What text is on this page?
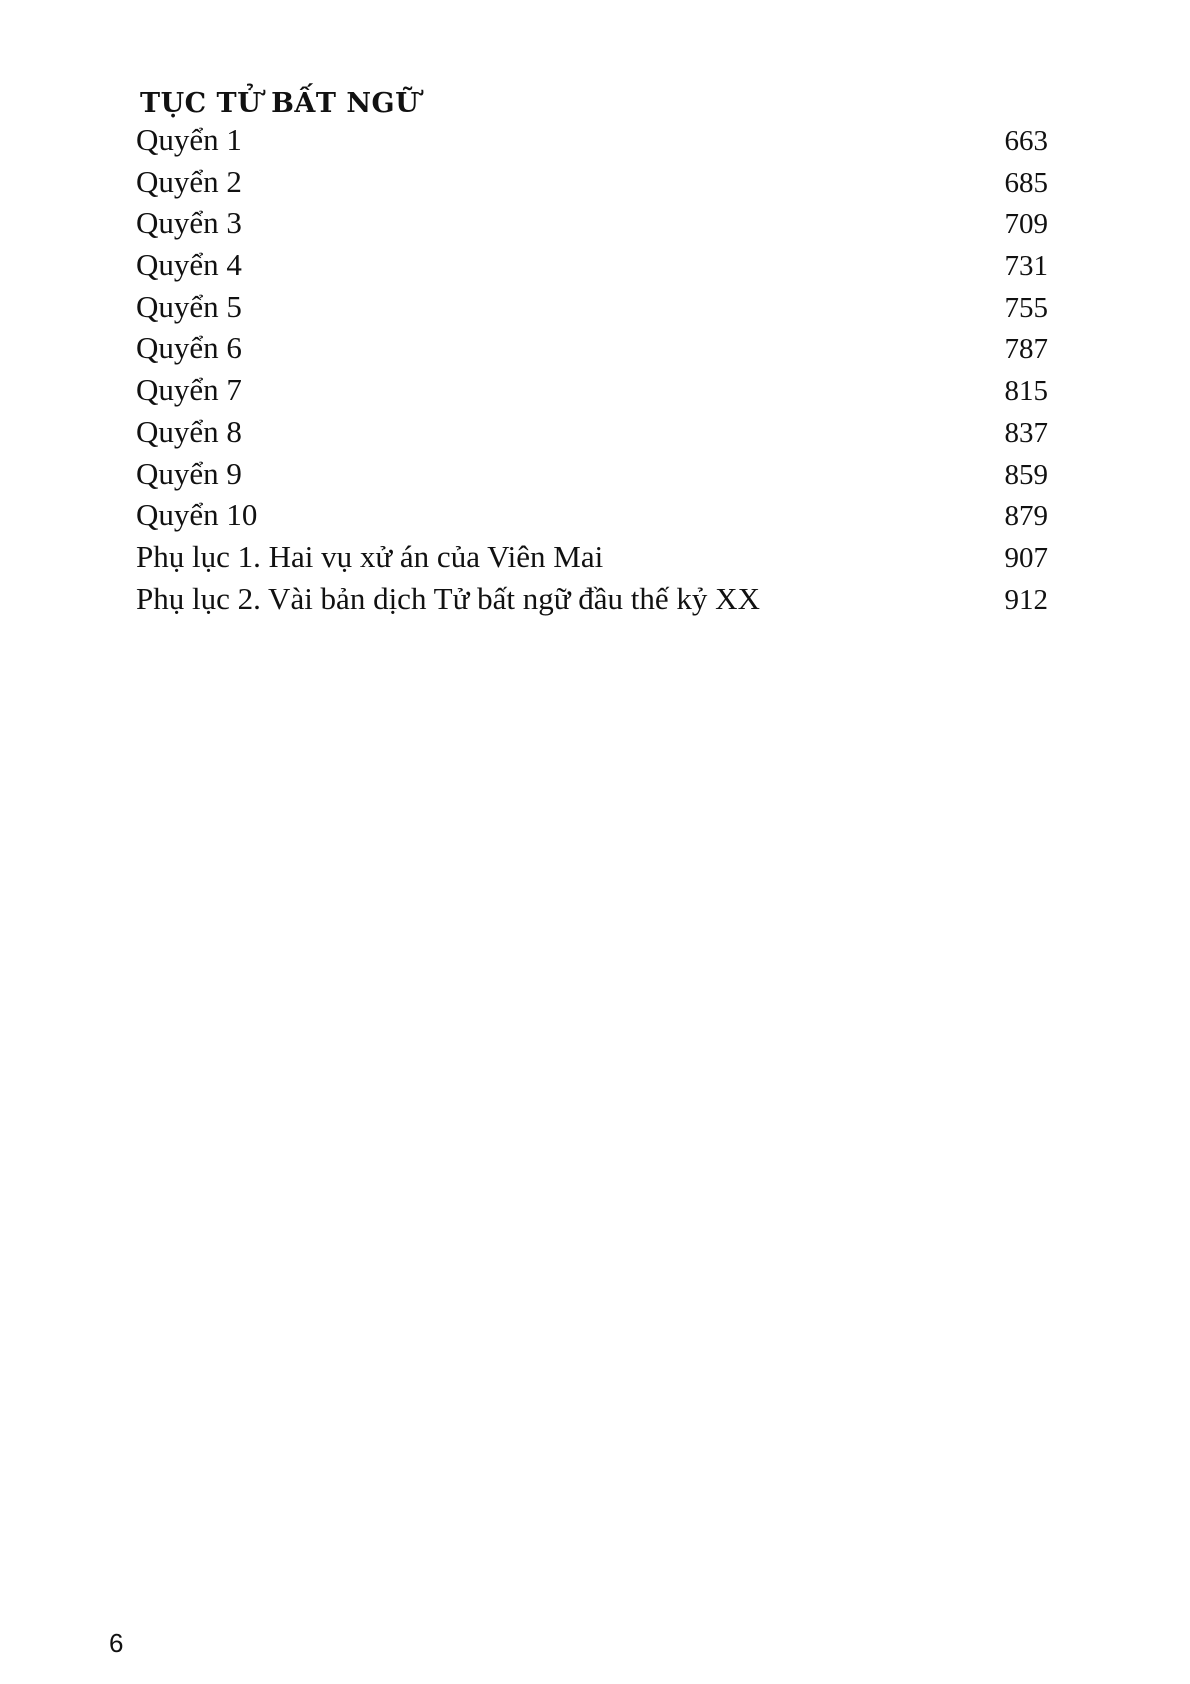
TỤC TỬ BẤT NGỮ
Quyển 1	663
Quyển 2	685
Quyển 3	709
Quyển 4	731
Quyển 5	755
Quyển 6	787
Quyển 7	815
Quyển 8	837
Quyển 9	859
Quyển 10	879
Phụ lục 1. Hai vụ xử án của Viên Mai	907
Phụ lục 2. Vài bản dịch Tử bất ngữ đầu thế kỷ XX	912
6
